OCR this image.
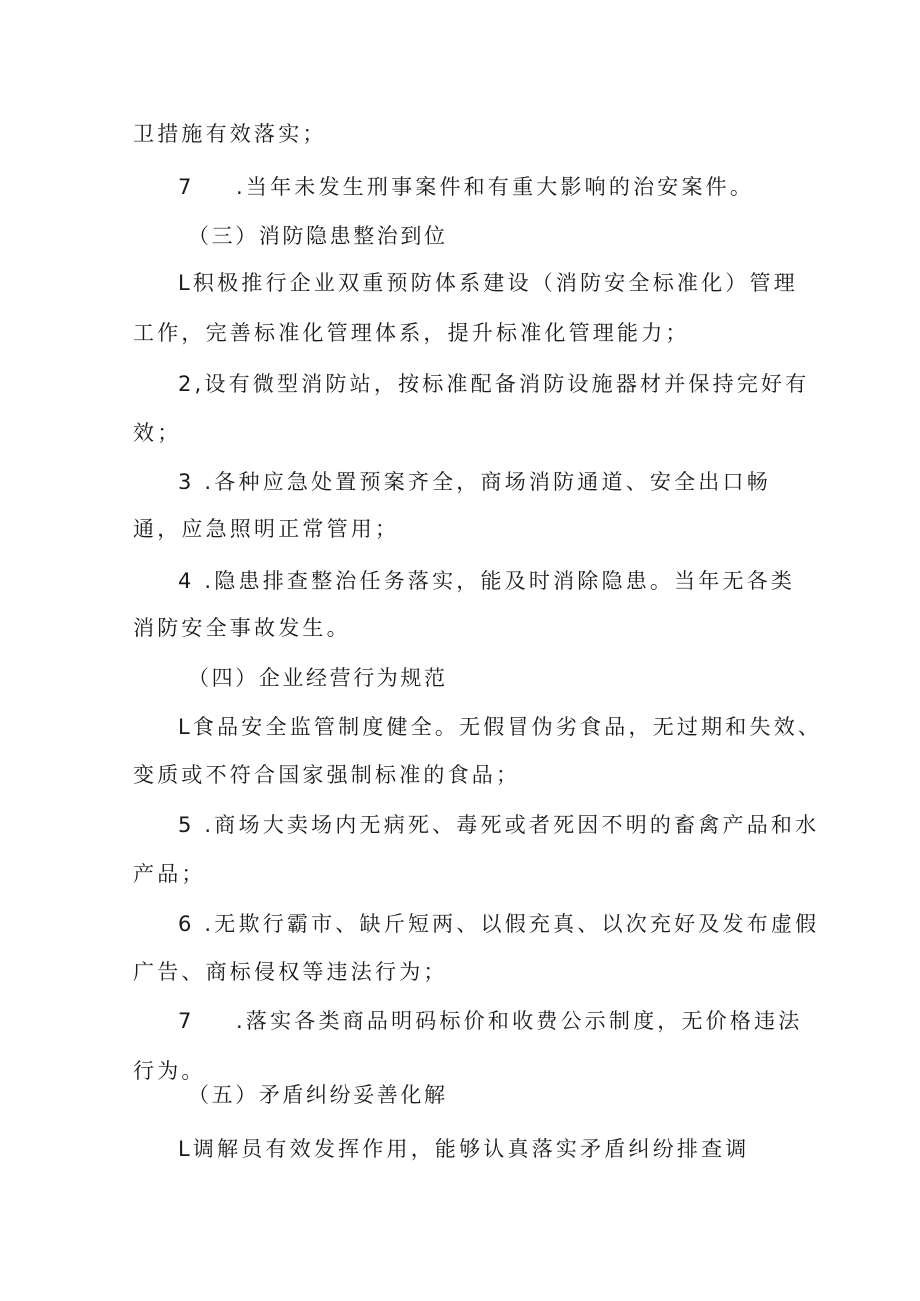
卫措施有效落实；
7 .当年未发生刑事案件和有重大影响的治安案件。
（三）消防隐患整治到位
L积极推行企业双重预防体系建设（消防安全标准化）管理
工作，完善标准化管理体系，提升标准化管理能力；
2,设有微型消防站，按标准配备消防设施器材并保持完好有
效；
3 .各种应急处置预案齐全，商场消防通道、安全出口畅
通，应急照明正常管用；
4 .隐患排查整治任务落实，能及时消除隐患。当年无各类
消防安全事故发生。
（四）企业经营行为规范
L食品安全监管制度健全。无假冒伪劣食品，无过期和失效、
变质或不符合国家强制标准的食品；
5 .商场大卖场内无病死、毒死或者死因不明的畜禽产品和水
产品；
6 .无欺行霸市、缺斤短两、以假充真、以次充好及发布虚假
广告、商标侵权等违法行为；
7 .落实各类商品明码标价和收费公示制度，无价格违法
行为。
（五）矛盾纠纷妥善化解
L调解员有效发挥作用，能够认真落实矛盾纠纷排查调
